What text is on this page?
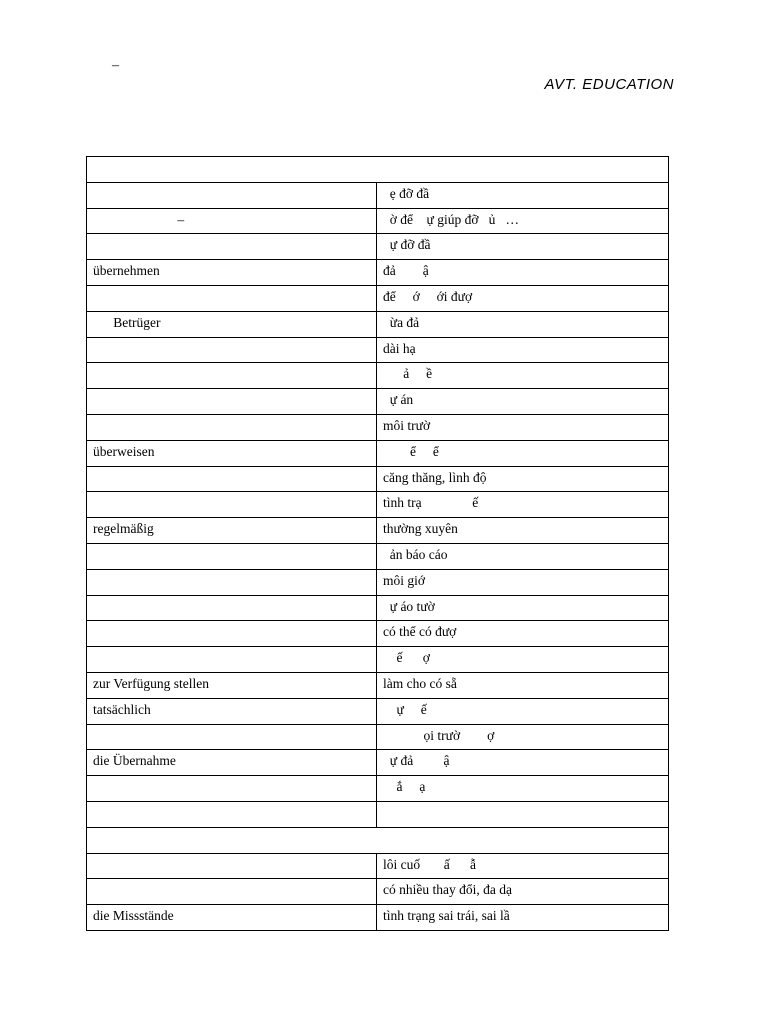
–
AVT. EDUCATION

	ẹ đỡ đầ
–	ờ để    ự giúp đỡ   ủ   …
	ự đỡ đầ
übernehmen	đả        ậ
	để     ớ     ới đượ
Betrüger	ừa đả
	dài hạ
	ả     ề
	ự án
	môi trườ
überweisen	ể     ể
	căng thăng, lình độ
	tình trạ               ế
regelmäßig	thường xuyên
	ản báo cáo
	môi giớ
	ự áo tườ
	có thể có đượ
	ế      ợ
zur Verfügung stellen	làm cho có sẵ
tatsächlich	ự     ế
	ọi trườ        ợ
die Übernahme	ự đả         ậ
	ắ     ạ

	lôi cuố       ấ      ẫ
	có nhiều thay đổi, đa dạ
die Missstände	tình trạng sai trái, sai lầ
